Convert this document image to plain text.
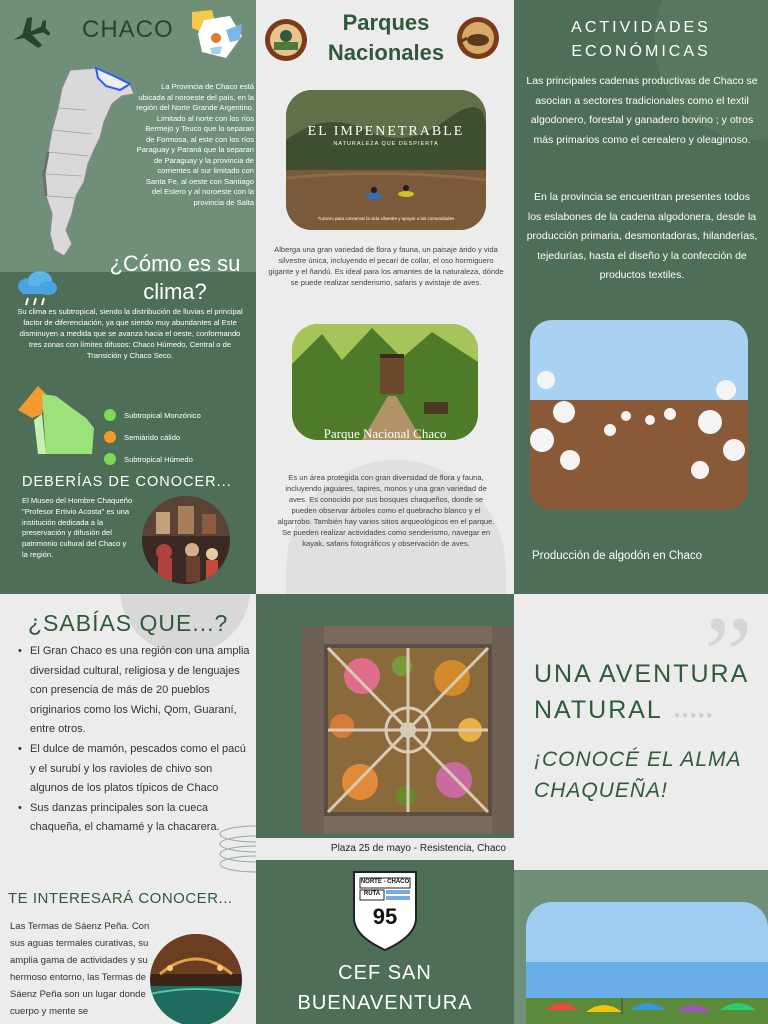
CHACO
La Provincia de Chaco está ubicada al noroeste del país, en la región del Norte Grande Argentino. Limitado al norte con los ríos Bermejo y Teuco que lo separan de Formosa, al este con los ríos Paraguay y Paraná que la separan de Paraguay y la provincia de corrientes al sur limitado con Santa Fe, al oeste con Santiago del Estero y al noroeste con la provincia de Salta
¿Cómo es su clima?
Su clima es subtropical, siendo la distribución de lluvias el principal factor de diferenciación, ya que siendo muy abundantes al Este disminuyen a medida que se avanza hacia el oeste, conformando tres zonas con límites difusos: Chaco Húmedo, Central o de Transición y Chaco Seco.
Subtropical Monzónico
Semiárido cálido
Subtropical Húmedo
DEBERÍAS DE CONOCER...
El Museo del Hombre Chaqueño "Profesor Ertivio Acosta" es una institución dedicada a la preservación y difusión del patrimonio cultural del Chaco y la región.
Parques Nacionales
EL IMPENETRABLE
NATURALEZA QUE DESPIERTA
Turismo para conservar la vida silvestre y apoyar a las comunidades
Alberga una gran variedad de flora y fauna, un paisaje árido y vida silvestre única, incluyendo el pecarí de collar, el oso hormiguero gigante y el ñandú. Es ideal para los amantes de la naturaleza, dónde se puede realizar senderismo, safaris y avistaje de aves.
Parque Nacional Chaco
Es un área protegida con gran diversidad de flora y fauna, incluyendo jaguares, tapires, monos y una gran variedad de aves. Es conocido por sus bosques chaqueños, donde se pueden observar árboles como el quebracho blanco y el algarrobo. También hay varios sitios arqueológicos en el parque. Se pueden realizar actividades como senderismo, navegar en kayak, safaris fotográficos y observación de aves.
ACTIVIDADES ECONÓMICAS
Las principales cadenas productivas de Chaco se asocian a sectores tradicionales como el textil algodonero, forestal y ganadero bovino ; y otros más primarios como el cerealero y oleaginoso.
En la provincia se encuentran presentes todos los eslabones de la cadena algodonera, desde la producción primaria, desmontadoras, hilanderías, tejedurías, hasta el diseño y la confección de productos textiles.
Producción de algodón en Chaco
¿SABÍAS QUE...?
• El Gran Chaco es una región con una amplia diversidad cultural, religiosa y de lenguajes con presencia de más de 20 pueblos originarios como los Wichi, Qom, Guaraní, entre otros.
• El dulce de mamón, pescados como el pacú y el surubí y los ravioles de chivo son algunos de los platos típicos de Chaco
• Sus danzas principales son la cueca chaqueña, el chamamé y la chacarera.
TE INTERESARÁ CONOCER...
Las Termas de Sáenz Peña. Con sus aguas termales curativas, su amplia gama de actividades y su hermoso entorno, las Termas de Sáenz Peña son un lugar donde cuerpo y mente se
Plaza 25 de mayo - Resistencia, Chaco
NORTE - CHACO
RUTA
95
CEF SAN BUENAVENTURA
”
UNA AVENTURA NATURAL	●●●●●
¡CONOCÉ EL ALMA CHAQUEÑA!
